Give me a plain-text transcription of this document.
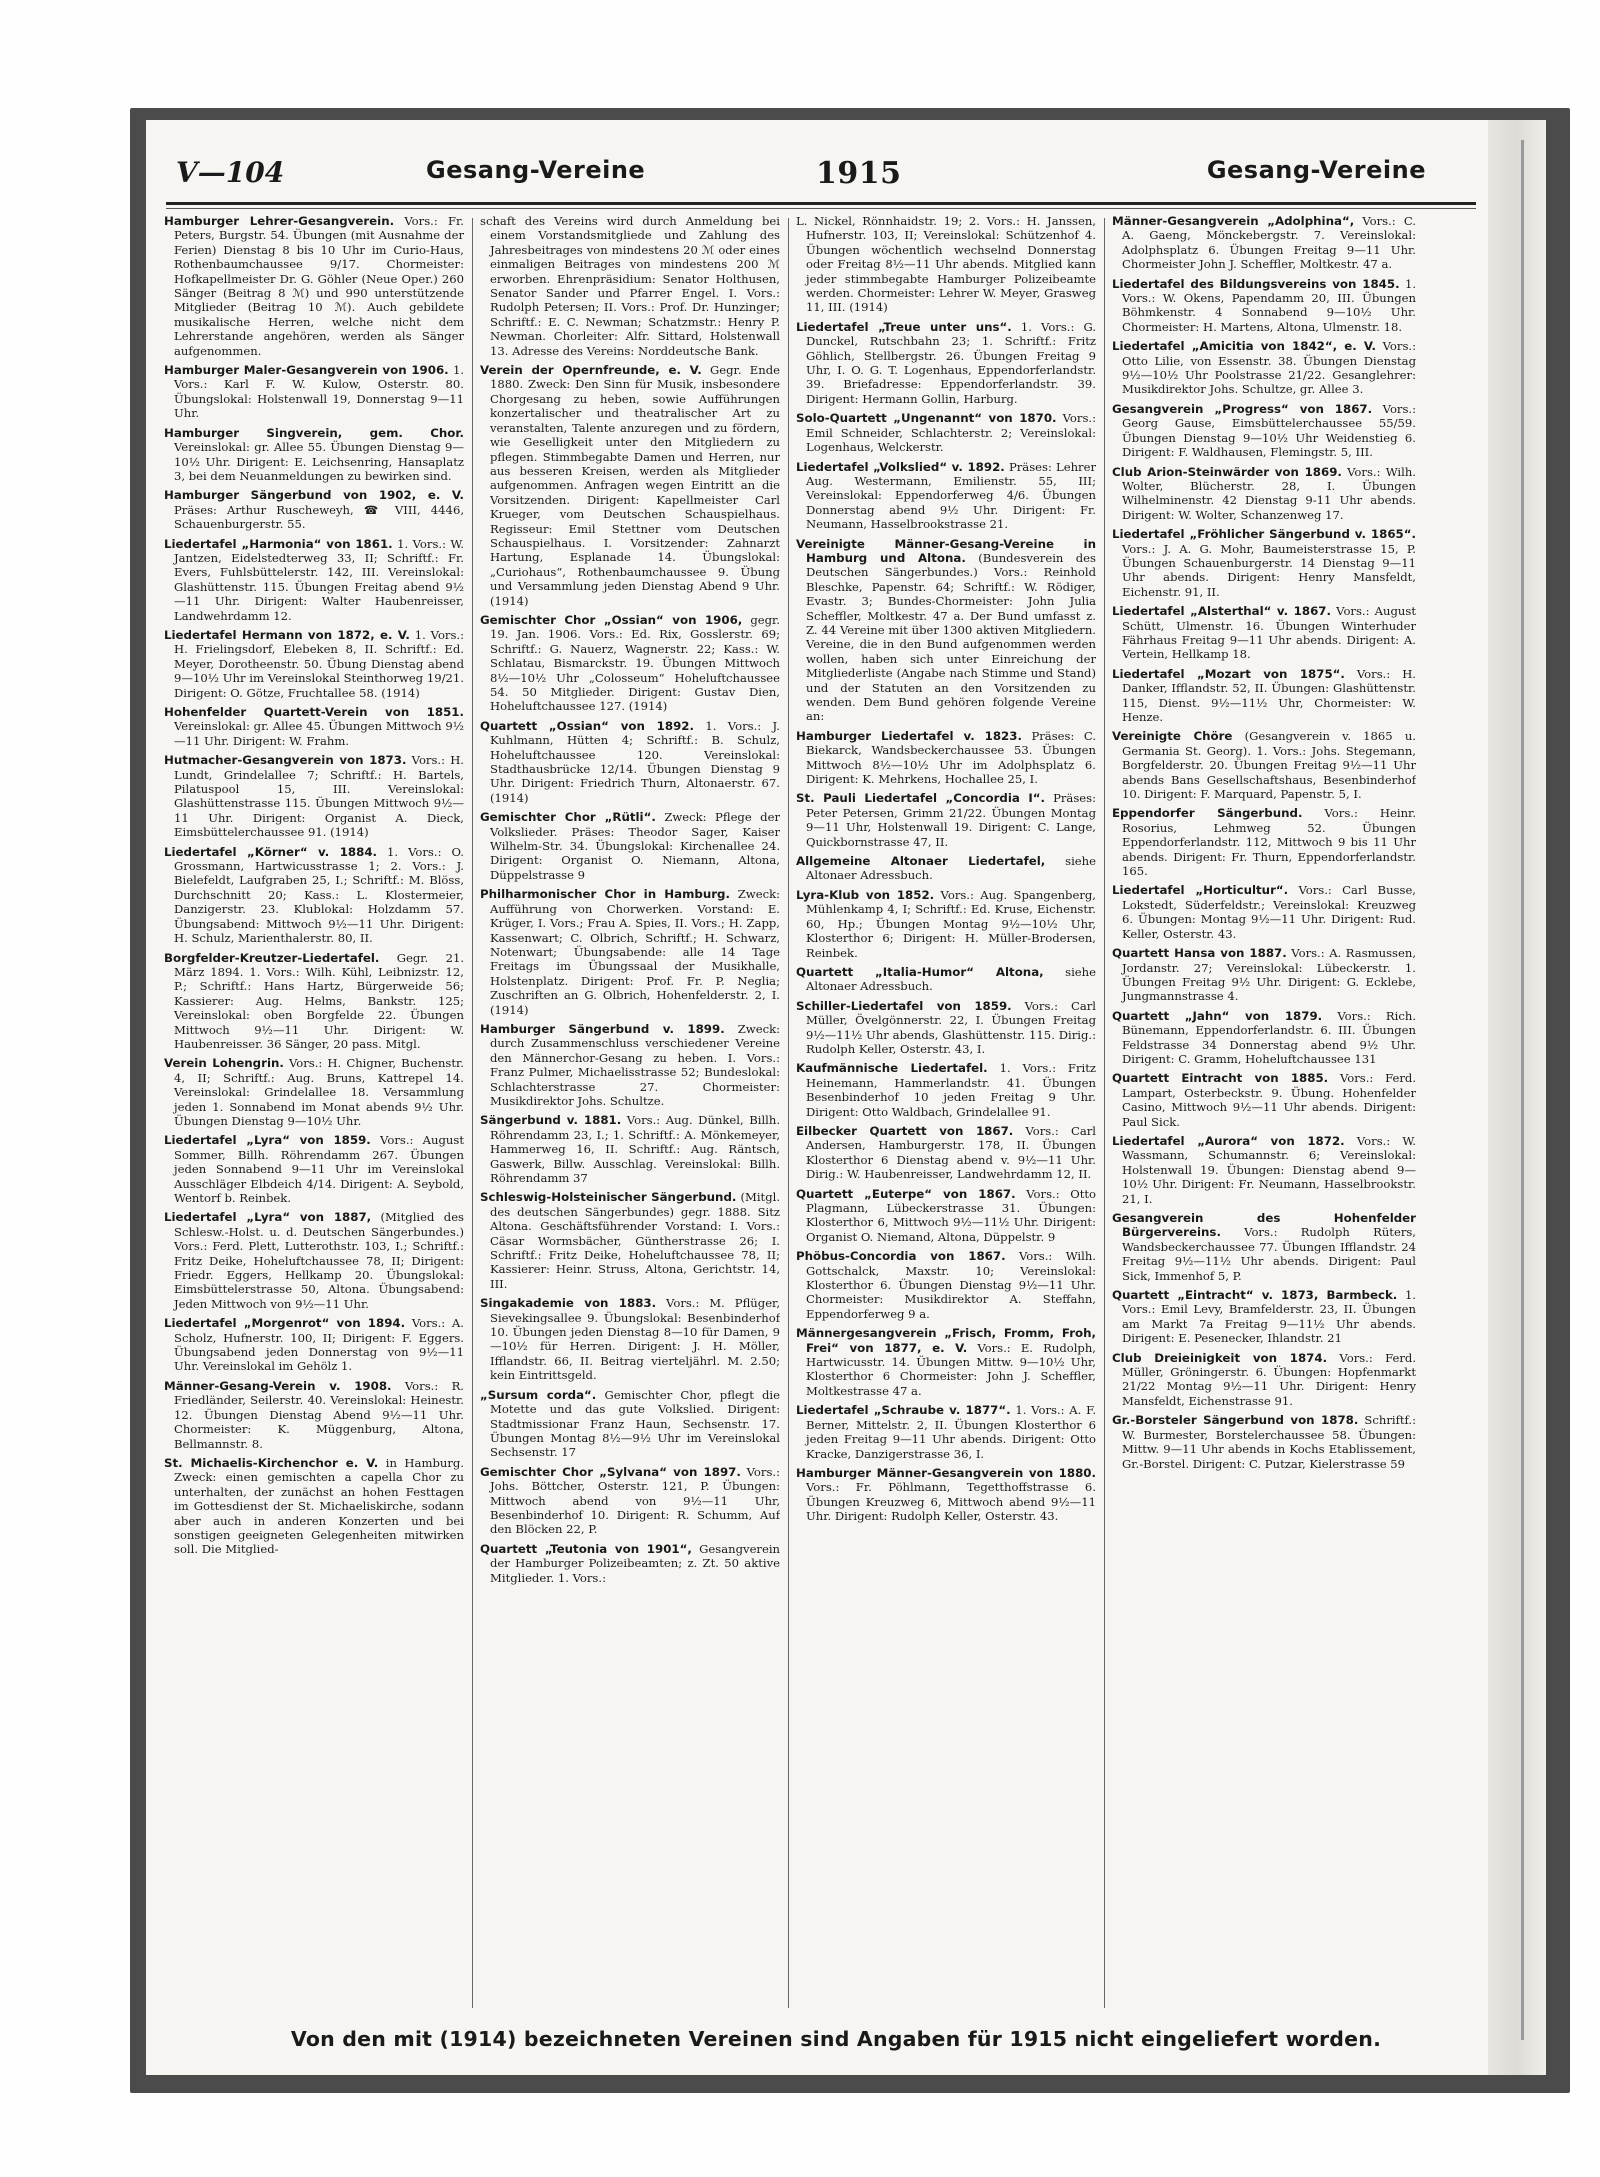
V—104	Gesang-Vereine	1915	Gesang-Vereine

Hamburger Lehrer-Gesangverein. Vors.: Fr. Peters, Burgstr. 54. Übungen (mit Ausnahme der Ferien) Dienstag 8 bis 10 Uhr im Curio-Haus, Rothenbaumchaussee 9/17. Chormeister: Hofkapellmeister Dr. G. Göhler (Neue Oper.) 260 Sänger (Beitrag 8 ℳ) und 990 unterstützende Mitglieder (Beitrag 10 ℳ). Auch gebildete musikalische Herren, welche nicht dem Lehrerstande angehören, werden als Sänger aufgenommen.

Hamburger Maler-Gesangverein von 1906. 1. Vors.: Karl F. W. Kulow, Osterstr. 80. Übungslokal: Holstenwall 19, Donnerstag 9—11 Uhr.

Hamburger Singverein, gem. Chor. Vereinslokal: gr. Allee 55. Übungen Dienstag 9—10½ Uhr. Dirigent: E. Leichsenring, Hansaplatz 3, bei dem Neuanmeldungen zu bewirken sind.

Hamburger Sängerbund von 1902, e. V. Präses: Arthur Ruscheweyh, ☎ VIII, 4446, Schauenburgerstr. 55.

Liedertafel „Harmonia“ von 1861. 1. Vors.: W. Jantzen, Eidelstedterweg 33, II; Schriftf.: Fr. Evers, Fuhlsbüttelerstr. 142, III. Vereinslokal: Glashüttenstr. 115. Übungen Freitag abend 9½—11 Uhr. Dirigent: Walter Haubenreisser, Landwehrdamm 12.

Liedertafel Hermann von 1872, e. V. 1. Vors.: H. Frielingsdorf, Elebeken 8, II. Schriftf.: Ed. Meyer, Dorotheenstr. 50. Übung Dienstag abend 9—10½ Uhr im Vereinslokal Steinthorweg 19/21. Dirigent: O. Götze, Fruchtallee 58. (1914)

Hohenfelder Quartett-Verein von 1851. Vereinslokal: gr. Allee 45. Übungen Mittwoch 9½—11 Uhr. Dirigent: W. Frahm.

Hutmacher-Gesangverein von 1873. Vors.: H. Lundt, Grindelallee 7; Schriftf.: H. Bartels, Pilatuspool 15, III. Vereinslokal: Glashüttenstrasse 115. Übungen Mittwoch 9½—11 Uhr. Dirigent: Organist A. Dieck, Eimsbüttelerchaussee 91. (1914)

Liedertafel „Körner“ v. 1884. 1. Vors.: O. Grossmann, Hartwicusstrasse 1; 2. Vors.: J. Bielefeldt, Laufgraben 25, I.; Schriftf.: M. Blöss, Durchschnitt 20; Kass.: L. Klostermeier, Danzigerstr. 23. Klublokal: Holzdamm 57. Übungsabend: Mittwoch 9½—11 Uhr. Dirigent: H. Schulz, Marienthalerstr. 80, II.

Borgfelder-Kreutzer-Liedertafel. Gegr. 21. März 1894. 1. Vors.: Wilh. Kühl, Leibnizstr. 12, P.; Schriftf.: Hans Hartz, Bürgerweide 56; Kassierer: Aug. Helms, Bankstr. 125; Vereinslokal: oben Borgfelde 22. Übungen Mittwoch 9½—11 Uhr. Dirigent: W. Haubenreisser. 36 Sänger, 20 pass. Mitgl.

Verein Lohengrin. Vors.: H. Chigner, Buchenstr. 4, II; Schriftf.: Aug. Bruns, Kattrepel 14. Vereinslokal: Grindelallee 18. Versammlung jeden 1. Sonnabend im Monat abends 9½ Uhr. Übungen Dienstag 9—10½ Uhr.

Liedertafel „Lyra“ von 1859. Vors.: August Sommer, Billh. Röhrendamm 267. Übungen jeden Sonnabend 9—11 Uhr im Vereinslokal Ausschläger Elbdeich 4/14. Dirigent: A. Seybold, Wentorf b. Reinbek.

Liedertafel „Lyra“ von 1887, (Mitglied des Schlesw.-Holst. u. d. Deutschen Sängerbundes.) Vors.: Ferd. Plett, Lutterothstr. 103, I.; Schriftf.: Fritz Deike, Hoheluftchaussee 78, II; Dirigent: Friedr. Eggers, Hellkamp 20. Übungslokal: Eimsbüttelerstrasse 50, Altona. Übungsabend: Jeden Mittwoch von 9½—11 Uhr.

Liedertafel „Morgenrot“ von 1894. Vors.: A. Scholz, Hufnerstr. 100, II; Dirigent: F. Eggers. Übungsabend jeden Donnerstag von 9½—11 Uhr. Vereinslokal im Gehölz 1.

Männer-Gesang-Verein v. 1908. Vors.: R. Friedländer, Seilerstr. 40. Vereinslokal: Heinestr. 12. Übungen Dienstag Abend 9½—11 Uhr. Chormeister: K. Müggenburg, Altona, Bellmannstr. 8.

St. Michaelis-Kirchenchor e. V. in Hamburg. Zweck: einen gemischten a capella Chor zu unterhalten, der zunächst an hohen Festtagen im Gottesdienst der St. Michaeliskirche, sodann aber auch in anderen Konzerten und bei sonstigen geeigneten Gelegenheiten mitwirken soll. Die Mitglied-

schaft des Vereins wird durch Anmeldung bei einem Vorstandsmitgliede und Zahlung des Jahresbeitrages von mindestens 20 ℳ oder eines einmaligen Beitrages von mindestens 200 ℳ erworben. Ehrenpräsidium: Senator Holthusen, Senator Sander und Pfarrer Engel. I. Vors.: Rudolph Petersen; II. Vors.: Prof. Dr. Hunzinger; Schriftf.: E. C. Newman; Schatzmstr.: Henry P. Newman. Chorleiter: Alfr. Sittard, Holstenwall 13. Adresse des Vereins: Norddeutsche Bank.

Verein der Opernfreunde, e. V. Gegr. Ende 1880. Zweck: Den Sinn für Musik, insbesondere Chorgesang zu heben, sowie Aufführungen konzertalischer und theatralischer Art zu veranstalten, Talente anzuregen und zu fördern, wie Geselligkeit unter den Mitgliedern zu pflegen. Stimmbegabte Damen und Herren, nur aus besseren Kreisen, werden als Mitglieder aufgenommen. Anfragen wegen Eintritt an die Vorsitzenden. Dirigent: Kapellmeister Carl Krueger, vom Deutschen Schauspielhaus. Regisseur: Emil Stettner vom Deutschen Schauspielhaus. I. Vorsitzender: Zahnarzt Hartung, Esplanade 14. Übungslokal: „Curiohaus“, Rothenbaumchaussee 9. Übung und Versammlung jeden Dienstag Abend 9 Uhr. (1914)

Gemischter Chor „Ossian“ von 1906, gegr. 19. Jan. 1906. Vors.: Ed. Rix, Gosslerstr. 69; Schriftf.: G. Nauerz, Wagnerstr. 22; Kass.: W. Schlatau, Bismarckstr. 19. Übungen Mittwoch 8½—10½ Uhr „Colosseum“ Hoheluftchaussee 54. 50 Mitglieder. Dirigent: Gustav Dien, Hoheluftchaussee 127. (1914)

Quartett „Ossian“ von 1892. 1. Vors.: J. Kuhlmann, Hütten 4; Schriftf.: B. Schulz, Hoheluftchaussee 120. Vereinslokal: Stadthausbrücke 12/14. Übungen Dienstag 9 Uhr. Dirigent: Friedrich Thurn, Altonaerstr. 67. (1914)

Gemischter Chor „Rütli“. Zweck: Pflege der Volkslieder. Präses: Theodor Sager, Kaiser Wilhelm-Str. 34. Übungslokal: Kirchenallee 24. Dirigent: Organist O. Niemann, Altona, Düppelstrasse 9

Philharmonischer Chor in Hamburg. Zweck: Aufführung von Chorwerken. Vorstand: E. Krüger, I. Vors.; Frau A. Spies, II. Vors.; H. Zapp, Kassenwart; C. Olbrich, Schriftf.; H. Schwarz, Notenwart; Übungsabende: alle 14 Tage Freitags im Übungssaal der Musikhalle, Holstenplatz. Dirigent: Prof. Fr. P. Neglia; Zuschriften an G. Olbrich, Hohenfelderstr. 2, I. (1914)

Hamburger Sängerbund v. 1899. Zweck: durch Zusammenschluss verschiedener Vereine den Männerchor-Gesang zu heben. I. Vors.: Franz Pulmer, Michaelisstrasse 52; Bundeslokal: Schlachterstrasse 27. Chormeister: Musikdirektor Johs. Schultze.

Sängerbund v. 1881. Vors.: Aug. Dünkel, Billh. Röhrendamm 23, I.; 1. Schriftf.: A. Mönkemeyer, Hammerweg 16, II. Schriftf.: Aug. Räntsch, Gaswerk, Billw. Ausschlag. Vereinslokal: Billh. Röhrendamm 37

Schleswig-Holsteinischer Sängerbund. (Mitgl. des deutschen Sängerbundes) gegr. 1888. Sitz Altona. Geschäftsführender Vorstand: I. Vors.: Cäsar Wormsbächer, Güntherstrasse 26; I. Schriftf.: Fritz Deike, Hoheluftchaussee 78, II; Kassierer: Heinr. Struss, Altona, Gerichtstr. 14, III.

Singakademie von 1883. Vors.: M. Pflüger, Sievekingsallee 9. Übungslokal: Besenbinderhof 10. Übungen jeden Dienstag 8—10 für Damen, 9—10½ für Herren. Dirigent: J. H. Möller, Ifflandstr. 66, II. Beitrag vierteljährl. M. 2.50; kein Eintrittsgeld.

„Sursum corda“. Gemischter Chor, pflegt die Motette und das gute Volkslied. Dirigent: Stadtmissionar Franz Haun, Sechsenstr. 17. Übungen Montag 8½—9½ Uhr im Vereinslokal Sechsenstr. 17

Gemischter Chor „Sylvana“ von 1897. Vors.: Johs. Böttcher, Osterstr. 121, P. Übungen: Mittwoch abend von 9½—11 Uhr, Besenbinderhof 10. Dirigent: R. Schumm, Auf den Blöcken 22, P.

Quartett „Teutonia von 1901“, Gesangverein der Hamburger Polizeibeamten; z. Zt. 50 aktive Mitglieder. 1. Vors.:

L. Nickel, Rönnhaidstr. 19; 2. Vors.: H. Janssen, Hufnerstr. 103, II; Vereinslokal: Schützenhof 4. Übungen wöchentlich wechselnd Donnerstag oder Freitag 8½—11 Uhr abends. Mitglied kann jeder stimmbegabte Hamburger Polizeibeamte werden. Chormeister: Lehrer W. Meyer, Grasweg 11, III. (1914)

Liedertafel „Treue unter uns“. 1. Vors.: G. Dunckel, Rutschbahn 23; 1. Schriftf.: Fritz Göhlich, Stellbergstr. 26. Übungen Freitag 9 Uhr, I. O. G. T. Logenhaus, Eppendorferlandstr. 39. Briefadresse: Eppendorferlandstr. 39. Dirigent: Hermann Gollin, Harburg.

Solo-Quartett „Ungenannt“ von 1870. Vors.: Emil Schneider, Schlachterstr. 2; Vereinslokal: Logenhaus, Welckerstr.

Liedertafel „Volkslied“ v. 1892. Präses: Lehrer Aug. Westermann, Emilienstr. 55, III; Vereinslokal: Eppendorferweg 4/6. Übungen Donnerstag abend 9½ Uhr. Dirigent: Fr. Neumann, Hasselbrookstrasse 21.

Vereinigte Männer-Gesang-Vereine in Hamburg und Altona. (Bundesverein des Deutschen Sängerbundes.) Vors.: Reinhold Bleschke, Papenstr. 64; Schriftf.: W. Rödiger, Evastr. 3; Bundes-Chormeister: John Julia Scheffler, Moltkestr. 47 a. Der Bund umfasst z. Z. 44 Vereine mit über 1300 aktiven Mitgliedern. Vereine, die in den Bund aufgenommen werden wollen, haben sich unter Einreichung der Mitgliederliste (Angabe nach Stimme und Stand) und der Statuten an den Vorsitzenden zu wenden. Dem Bund gehören folgende Vereine an:

Hamburger Liedertafel v. 1823. Präses: C. Biekarck, Wandsbeckerchaussee 53. Übungen Mittwoch 8½—10½ Uhr im Adolphsplatz 6. Dirigent: K. Mehrkens, Hochallee 25, I.

St. Pauli Liedertafel „Concordia I“. Präses: Peter Petersen, Grimm 21/22. Übungen Montag 9—11 Uhr, Holstenwall 19. Dirigent: C. Lange, Quickbornstrasse 47, II.

Allgemeine Altonaer Liedertafel, siehe Altonaer Adressbuch.

Lyra-Klub von 1852. Vors.: Aug. Spangenberg, Mühlenkamp 4, I; Schriftf.: Ed. Kruse, Eichenstr. 60, Hp.; Übungen Montag 9½—10½ Uhr, Klosterthor 6; Dirigent: H. Müller-Brodersen, Reinbek.

Quartett „Italia-Humor“ Altona, siehe Altonaer Adressbuch.

Schiller-Liedertafel von 1859. Vors.: Carl Müller, Övelgönnerstr. 22, I. Übungen Freitag 9½—11½ Uhr abends, Glashüttenstr. 115. Dirig.: Rudolph Keller, Osterstr. 43, I.

Kaufmännische Liedertafel. 1. Vors.: Fritz Heinemann, Hammerlandstr. 41. Übungen Besenbinderhof 10 jeden Freitag 9 Uhr. Dirigent: Otto Waldbach, Grindelallee 91.

Eilbecker Quartett von 1867. Vors.: Carl Andersen, Hamburgerstr. 178, II. Übungen Klosterthor 6 Dienstag abend v. 9½—11 Uhr. Dirig.: W. Haubenreisser, Landwehrdamm 12, II.

Quartett „Euterpe“ von 1867. Vors.: Otto Plagmann, Lübeckerstrasse 31. Übungen: Klosterthor 6, Mittwoch 9½—11½ Uhr. Dirigent: Organist O. Niemand, Altona, Düppelstr. 9

Phöbus-Concordia von 1867. Vors.: Wilh. Gottschalck, Maxstr. 10; Vereinslokal: Klosterthor 6. Übungen Dienstag 9½—11 Uhr. Chormeister: Musikdirektor A. Steffahn, Eppendorferweg 9 a.

Männergesangverein „Frisch, Fromm, Froh, Frei“ von 1877, e. V. Vors.: E. Rudolph, Hartwicusstr. 14. Übungen Mittw. 9—10½ Uhr, Klosterthor 6 Chormeister: John J. Scheffler, Moltkestrasse 47 a.

Liedertafel „Schraube v. 1877“. 1. Vors.: A. F. Berner, Mittelstr. 2, II. Übungen Klosterthor 6 jeden Freitag 9—11 Uhr abends. Dirigent: Otto Kracke, Danzigerstrasse 36, I.

Hamburger Männer-Gesangverein von 1880. Vors.: Fr. Pöhlmann, Tegetthoffstrasse 6. Übungen Kreuzweg 6, Mittwoch abend 9½—11 Uhr. Dirigent: Rudolph Keller, Osterstr. 43.

Männer-Gesangverein „Adolphina“, Vors.: C. A. Gaeng, Mönckebergstr. 7. Vereinslokal: Adolphsplatz 6. Übungen Freitag 9—11 Uhr. Chormeister John J. Scheffler, Moltkestr. 47 a.

Liedertafel des Bildungsvereins von 1845. 1. Vors.: W. Okens, Papendamm 20, III. Übungen Böhmkenstr. 4 Sonnabend 9—10½ Uhr. Chormeister: H. Martens, Altona, Ulmenstr. 18.

Liedertafel „Amicitia von 1842“, e. V. Vors.: Otto Lilie, von Essenstr. 38. Übungen Dienstag 9½—10½ Uhr Poolstrasse 21/22. Gesanglehrer: Musikdirektor Johs. Schultze, gr. Allee 3.

Gesangverein „Progress“ von 1867. Vors.: Georg Gause, Eimsbüttelerchaussee 55/59. Übungen Dienstag 9—10½ Uhr Weidenstieg 6. Dirigent: F. Waldhausen, Flemingstr. 5, III.

Club Arion-Steinwärder von 1869. Vors.: Wilh. Wolter, Blücherstr. 28, I. Übungen Wilhelminenstr. 42 Dienstag 9-11 Uhr abends. Dirigent: W. Wolter, Schanzenweg 17.

Liedertafel „Fröhlicher Sängerbund v. 1865“. Vors.: J. A. G. Mohr, Baumeisterstrasse 15, P. Übungen Schauenburgerstr. 14 Dienstag 9—11 Uhr abends. Dirigent: Henry Mansfeldt, Eichenstr. 91, II.

Liedertafel „Alsterthal“ v. 1867. Vors.: August Schütt, Ulmenstr. 16. Übungen Winterhuder Fährhaus Freitag 9—11 Uhr abends. Dirigent: A. Vertein, Hellkamp 18.

Liedertafel „Mozart von 1875“. Vors.: H. Danker, Ifflandstr. 52, II. Übungen: Glashüttenstr. 115, Dienst. 9½—11½ Uhr, Chormeister: W. Henze.

Vereinigte Chöre (Gesangverein v. 1865 u. Germania St. Georg). 1. Vors.: Johs. Stegemann, Borgfelderstr. 20. Übungen Freitag 9½—11 Uhr abends Bans Gesellschaftshaus, Besenbinderhof 10. Dirigent: F. Marquard, Papenstr. 5, I.

Eppendorfer Sängerbund. Vors.: Heinr. Rosorius, Lehmweg 52. Übungen Eppendorferlandstr. 112, Mittwoch 9 bis 11 Uhr abends. Dirigent: Fr. Thurn, Eppendorferlandstr. 165.

Liedertafel „Horticultur“. Vors.: Carl Busse, Lokstedt, Süderfeldstr.; Vereinslokal: Kreuzweg 6. Übungen: Montag 9½—11 Uhr. Dirigent: Rud. Keller, Osterstr. 43.

Quartett Hansa von 1887. Vors.: A. Rasmussen, Jordanstr. 27; Vereinslokal: Lübeckerstr. 1. Übungen Freitag 9½ Uhr. Dirigent: G. Ecklebe, Jungmannstrasse 4.

Quartett „Jahn“ von 1879. Vors.: Rich. Bünemann, Eppendorferlandstr. 6. III. Übungen Feldstrasse 34 Donnerstag abend 9½ Uhr. Dirigent: C. Gramm, Hoheluftchaussee 131

Quartett Eintracht von 1885. Vors.: Ferd. Lampart, Osterbeckstr. 9. Übung. Hohenfelder Casino, Mittwoch 9½—11 Uhr abends. Dirigent: Paul Sick.

Liedertafel „Aurora“ von 1872. Vors.: W. Wassmann, Schumannstr. 6; Vereinslokal: Holstenwall 19. Übungen: Dienstag abend 9—10½ Uhr. Dirigent: Fr. Neumann, Hasselbrookstr. 21, I.

Gesangverein des Hohenfelder Bürgervereins. Vors.: Rudolph Rüters, Wandsbeckerchaussee 77. Übungen Ifflandstr. 24 Freitag 9½—11½ Uhr abends. Dirigent: Paul Sick, Immenhof 5, P.

Quartett „Eintracht“ v. 1873, Barmbeck. 1. Vors.: Emil Levy, Bramfelderstr. 23, II. Übungen am Markt 7a Freitag 9—11½ Uhr abends. Dirigent: E. Pesenecker, Ihlandstr. 21

Club Dreieinigkeit von 1874. Vors.: Ferd. Müller, Gröningerstr. 6. Übungen: Hopfenmarkt 21/22 Montag 9½—11 Uhr. Dirigent: Henry Mansfeldt, Eichenstrasse 91.

Gr.-Borsteler Sängerbund von 1878. Schriftf.: W. Burmester, Borstelerchaussee 58. Übungen: Mittw. 9—11 Uhr abends in Kochs Etablissement, Gr.-Borstel. Dirigent: C. Putzar, Kielerstrasse 59

Von den mit (1914) bezeichneten Vereinen sind Angaben für 1915 nicht eingeliefert worden.
